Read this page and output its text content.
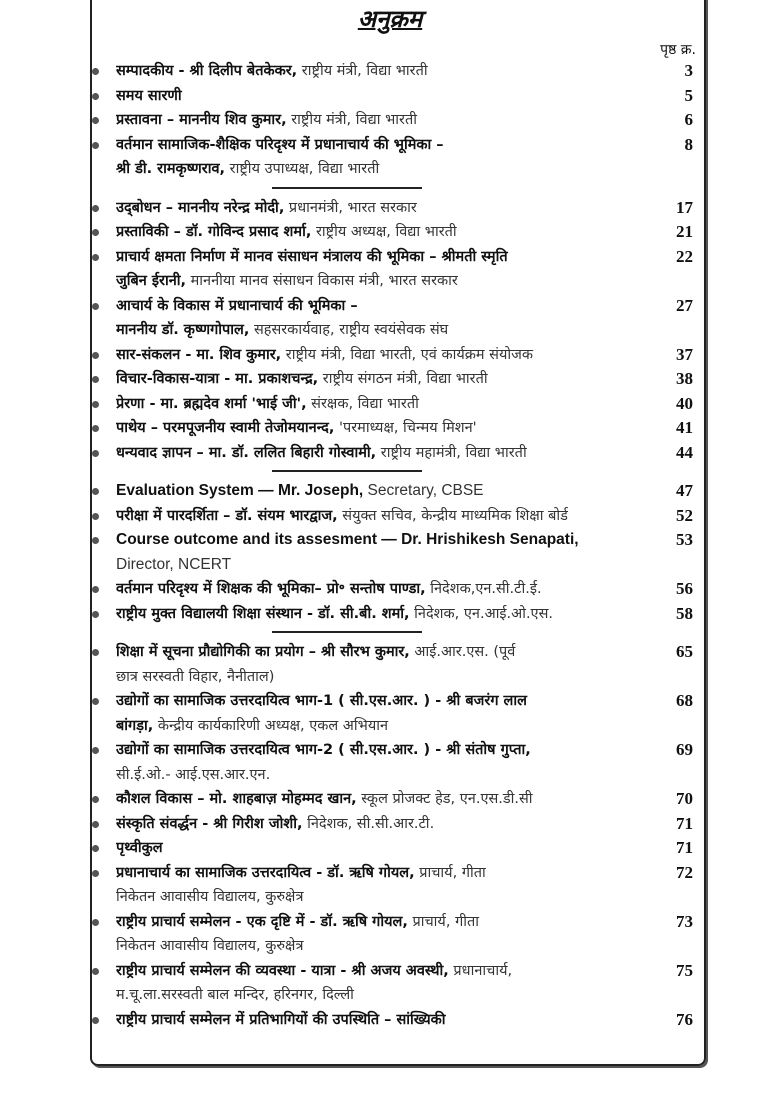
अनुक्रम
पृष्ठ क्र.
सम्पादकीय - श्री दिलीप बेतकेकर, राष्ट्रीय मंत्री, विद्या भारती	3
समय सारणी	5
प्रस्तावना – माननीय शिव कुमार, राष्ट्रीय मंत्री, विद्या भारती	6
वर्तमान सामाजिक-शैक्षिक परिदृश्य में प्रधानाचार्य की भूमिका –	8
श्री डी. रामकृष्णराव, राष्ट्रीय उपाध्यक्ष, विद्या भारती
उद्‌बोधन – माननीय नरेन्द्र मोदी, प्रधानमंत्री, भारत सरकार	17
प्रस्ताविकी – डॉ. गोविन्द प्रसाद शर्मा, राष्ट्रीय अध्यक्ष, विद्या भारती	21
प्राचार्य क्षमता निर्माण में मानव संसाधन मंत्रालय की भूमिका – श्रीमती स्मृति	22
जुबिन ईरानी, माननीया मानव संसाधन विकास मंत्री, भारत सरकार
आचार्य के विकास में प्रधानाचार्य की भूमिका –	27
माननीय डॉ. कृष्णगोपाल, सहसरकार्यवाह, राष्ट्रीय स्वयंसेवक संघ
सार-संकलन - मा. शिव कुमार, राष्ट्रीय मंत्री, विद्या भारती, एवं कार्यक्रम संयोजक	37
विचार-विकास-यात्रा - मा. प्रकाशचन्द्र, राष्ट्रीय संगठन मंत्री, विद्या भारती	38
प्रेरणा - मा. ब्रह्मदेव शर्मा 'भाई जी', संरक्षक, विद्या भारती	40
पाथेय – परमपूजनीय स्वामी तेजोमयानन्द, 'परमाध्यक्ष, चिन्मय मिशन'	41
धन्यवाद ज्ञापन – मा. डॉ. ललित बिहारी गोस्वामी, राष्ट्रीय महामंत्री, विद्या भारती	44
Evaluation System — Mr. Joseph, Secretary, CBSE	47
परीक्षा में पारदर्शिता – डॉ. संयम भारद्वाज, संयुक्त सचिव, केन्द्रीय माध्यमिक शिक्षा बोर्ड	52
Course outcome and its assesment — Dr. Hrishikesh Senapati,	53
Director, NCERT
वर्तमान परिदृश्य में शिक्षक की भूमिका– प्रो॰ सन्तोष पाण्डा, निदेशक,एन.सी.टी.ई.	56
राष्ट्रीय मुक्त विद्यालयी शिक्षा संस्थान - डॉ. सी.बी. शर्मा, निदेशक, एन.आई.ओ.एस.	58
शिक्षा में सूचना प्रौद्योगिकी का प्रयोग – श्री सौरभ कुमार, आई.आर.एस. (पूर्व	65
छात्र सरस्वती विहार, नैनीताल)
उद्योगों का सामाजिक उत्तरदायित्व भाग-1 ( सी.एस.आर. ) - श्री बजरंग लाल	68
बांगड़ा, केन्द्रीय कार्यकारिणी अध्यक्ष, एकल अभियान
उद्योगों का सामाजिक उत्तरदायित्व भाग-2 ( सी.एस.आर. ) - श्री संतोष गुप्ता,	69
सी.ई.ओ.- आई.एस.आर.एन.
कौशल विकास – मो. शाहबाज़ मोहम्मद खान, स्कूल प्रोजक्ट हेड, एन.एस.डी.सी	70
संस्कृति संवर्द्धन - श्री गिरीश जोशी, निदेशक, सी.सी.आर.टी.	71
पृथ्वीकुल	71
प्रधानाचार्य का सामाजिक उत्तरदायित्व - डॉ. ऋषि गोयल, प्राचार्य, गीता	72
निकेतन आवासीय विद्यालय, कुरुक्षेत्र
राष्ट्रीय प्राचार्य सम्मेलन - एक दृष्टि में - डॉ. ऋषि गोयल, प्राचार्य, गीता	73
निकेतन आवासीय विद्यालय, कुरुक्षेत्र
राष्ट्रीय प्राचार्य सम्मेलन की व्यवस्था - यात्रा - श्री अजय अवस्थी, प्रधानाचार्य,	75
म.चू.ला.सरस्वती बाल मन्दिर, हरिनगर, दिल्ली
राष्ट्रीय प्राचार्य सम्मेलन में प्रतिभागियों की उपस्थिति – सांख्यिकी	76
